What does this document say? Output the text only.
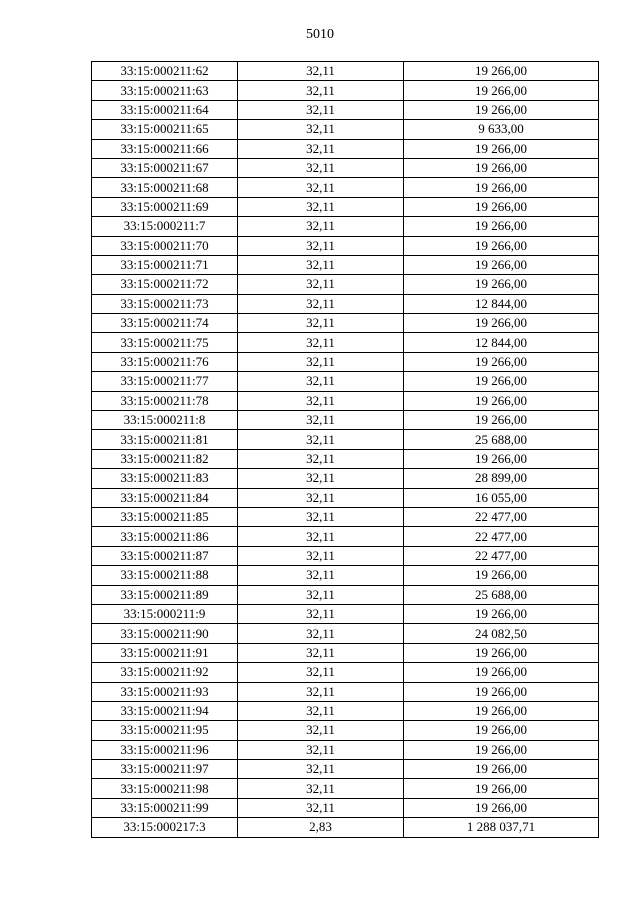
5010
33:15:000211:62	32,11	19 266,00
33:15:000211:63	32,11	19 266,00
33:15:000211:64	32,11	19 266,00
33:15:000211:65	32,11	9 633,00
33:15:000211:66	32,11	19 266,00
33:15:000211:67	32,11	19 266,00
33:15:000211:68	32,11	19 266,00
33:15:000211:69	32,11	19 266,00
33:15:000211:7	32,11	19 266,00
33:15:000211:70	32,11	19 266,00
33:15:000211:71	32,11	19 266,00
33:15:000211:72	32,11	19 266,00
33:15:000211:73	32,11	12 844,00
33:15:000211:74	32,11	19 266,00
33:15:000211:75	32,11	12 844,00
33:15:000211:76	32,11	19 266,00
33:15:000211:77	32,11	19 266,00
33:15:000211:78	32,11	19 266,00
33:15:000211:8	32,11	19 266,00
33:15:000211:81	32,11	25 688,00
33:15:000211:82	32,11	19 266,00
33:15:000211:83	32,11	28 899,00
33:15:000211:84	32,11	16 055,00
33:15:000211:85	32,11	22 477,00
33:15:000211:86	32,11	22 477,00
33:15:000211:87	32,11	22 477,00
33:15:000211:88	32,11	19 266,00
33:15:000211:89	32,11	25 688,00
33:15:000211:9	32,11	19 266,00
33:15:000211:90	32,11	24 082,50
33:15:000211:91	32,11	19 266,00
33:15:000211:92	32,11	19 266,00
33:15:000211:93	32,11	19 266,00
33:15:000211:94	32,11	19 266,00
33:15:000211:95	32,11	19 266,00
33:15:000211:96	32,11	19 266,00
33:15:000211:97	32,11	19 266,00
33:15:000211:98	32,11	19 266,00
33:15:000211:99	32,11	19 266,00
33:15:000217:3	2,83	1 288 037,71
